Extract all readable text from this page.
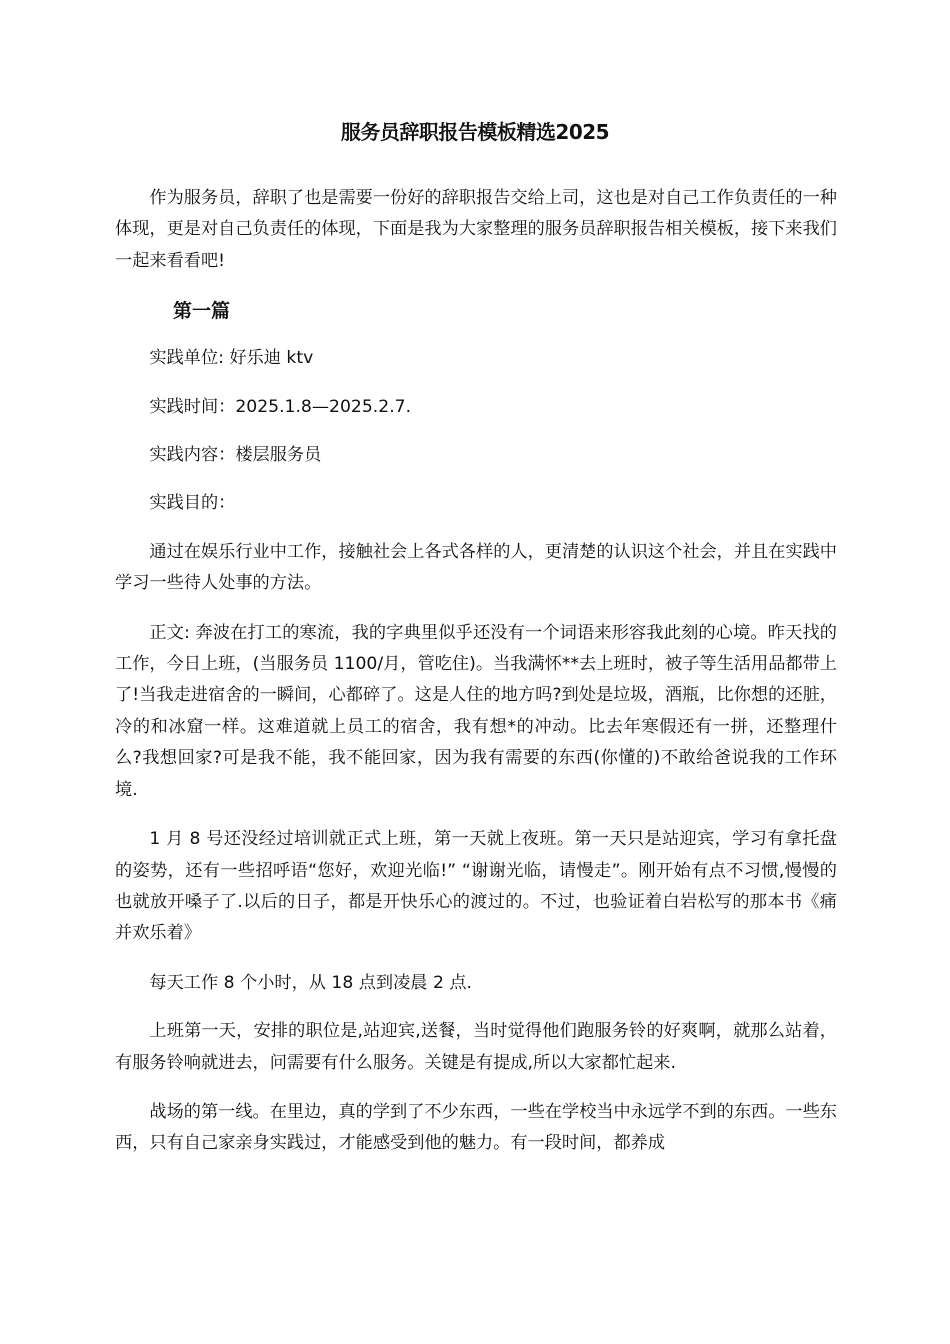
服务员辞职报告模板精选2025

作为服务员，辞职了也是需要一份好的辞职报告交给上司，这也是对自己工作负责任的一种体现，更是对自己负责任的体现，下面是我为大家整理的服务员辞职报告相关模板，接下来我们一起来看看吧!

第一篇

实践单位: 好乐迪 ktv

实践时间：2025.1.8—2025.2.7.

实践内容：楼层服务员

实践目的：

通过在娱乐行业中工作，接触社会上各式各样的人，更清楚的认识这个社会，并且在实践中学习一些待人处事的方法。

正文: 奔波在打工的寒流，我的字典里似乎还没有一个词语来形容我此刻的心境。昨天找的工作，今日上班，(当服务员 1100/月，管吃住)。当我满怀**去上班时，被子等生活用品都带上了!当我走进宿舍的一瞬间，心都碎了。这是人住的地方吗?到处是垃圾，酒瓶，比你想的还脏，冷的和冰窟一样。这难道就上员工的宿舍，我有想*的冲动。比去年寒假还有一拼，还整理什么?我想回家?可是我不能，我不能回家，因为我有需要的东西(你懂的)不敢给爸说我的工作环境.

1 月 8 号还没经过培训就正式上班，第一天就上夜班。第一天只是站迎宾，学习有拿托盘的姿势，还有一些招呼语“您好，欢迎光临!” “谢谢光临，请慢走”。刚开始有点不习惯,慢慢的也就放开嗓子了.以后的日子，都是开快乐心的渡过的。不过，也验证着白岩松写的那本书《痛并欢乐着》

每天工作 8 个小时，从 18 点到凌晨 2 点.

上班第一天，安排的职位是,站迎宾,送餐，当时觉得他们跑服务铃的好爽啊，就那么站着，有服务铃响就进去，问需要有什么服务。关键是有提成,所以大家都忙起来.

战场的第一线。在里边，真的学到了不少东西，一些在学校当中永远学不到的东西。一些东西，只有自己家亲身实践过，才能感受到他的魅力。有一段时间，都养成
